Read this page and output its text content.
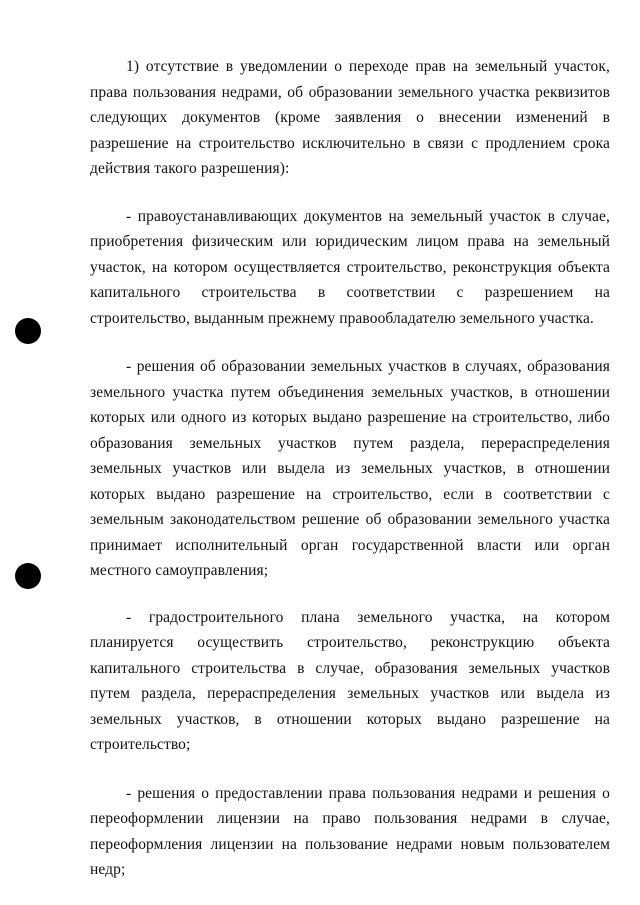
1) отсутствие в уведомлении о переходе прав на земельный участок, права пользования недрами, об образовании земельного участка реквизитов следующих документов (кроме заявления о внесении изменений в разрешение на строительство исключительно в связи с продлением срока действия такого разрешения):

- правоустанавливающих документов на земельный участок в случае, приобретения физическим или юридическим лицом права на земельный участок, на котором осуществляется строительство, реконструкция объекта капитального строительства в соответствии с разрешением на строительство, выданным прежнему правообладателю земельного участка.

- решения об образовании земельных участков в случаях, образования земельного участка путем объединения земельных участков, в отношении которых или одного из которых выдано разрешение на строительство, либо образования земельных участков путем раздела, перераспределения земельных участков или выдела из земельных участков, в отношении которых выдано разрешение на строительство, если в соответствии с земельным законодательством решение об образовании земельного участка принимает исполнительный орган государственной власти или орган местного самоуправления;

- градостроительного плана земельного участка, на котором планируется осуществить строительство, реконструкцию объекта капитального строительства в случае, образования земельных участков путем раздела, перераспределения земельных участков или выдела из земельных участков, в отношении которых выдано разрешение на строительство;

- решения о предоставлении права пользования недрами и решения о переоформлении лицензии на право пользования недрами в случае, переоформления лицензии на пользование недрами новым пользователем недр;
